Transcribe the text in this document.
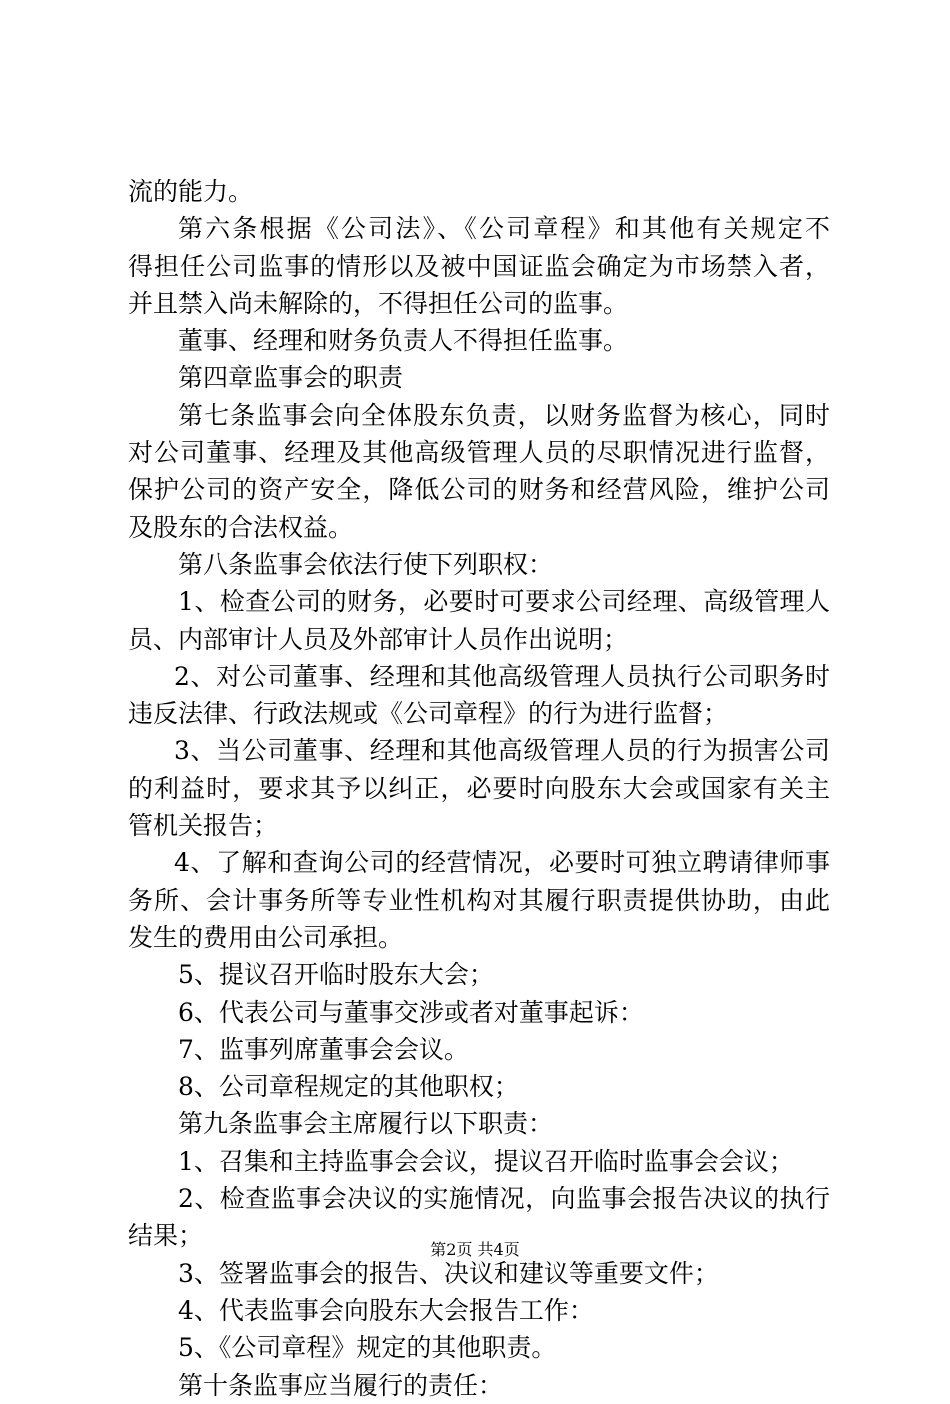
流的能力。
第六条根据《公司法》、《公司章程》和其他有关规定不
得担任公司监事的情形以及被中国证监会确定为市场禁入者，
并且禁入尚未解除的，不得担任公司的监事。
董事、经理和财务负责人不得担任监事。
第四章监事会的职责
第七条监事会向全体股东负责，以财务监督为核心，同时
对公司董事、经理及其他高级管理人员的尽职情况进行监督，
保护公司的资产安全，降低公司的财务和经营风险，维护公司
及股东的合法权益。
第八条监事会依法行使下列职权：
1、检查公司的财务，必要时可要求公司经理、高级管理人
员、内部审计人员及外部审计人员作出说明；
2、对公司董事、经理和其他高级管理人员执行公司职务时
违反法律、行政法规或《公司章程》的行为进行监督；
3、当公司董事、经理和其他高级管理人员的行为损害公司
的利益时，要求其予以纠正，必要时向股东大会或国家有关主
管机关报告；
4、了解和查询公司的经营情况，必要时可独立聘请律师事
务所、会计事务所等专业性机构对其履行职责提供协助，由此
发生的费用由公司承担。
5、提议召开临时股东大会；
6、代表公司与董事交涉或者对董事起诉：
7、监事列席董事会会议。
8、公司章程规定的其他职权；
第九条监事会主席履行以下职责：
1、召集和主持监事会会议，提议召开临时监事会会议；
2、检查监事会决议的实施情况，向监事会报告决议的执行
结果；
3、签署监事会的报告、决议和建议等重要文件；
4、代表监事会向股东大会报告工作：
5、《公司章程》规定的其他职责。
第十条监事应当履行的责任：
第2页 共4页
